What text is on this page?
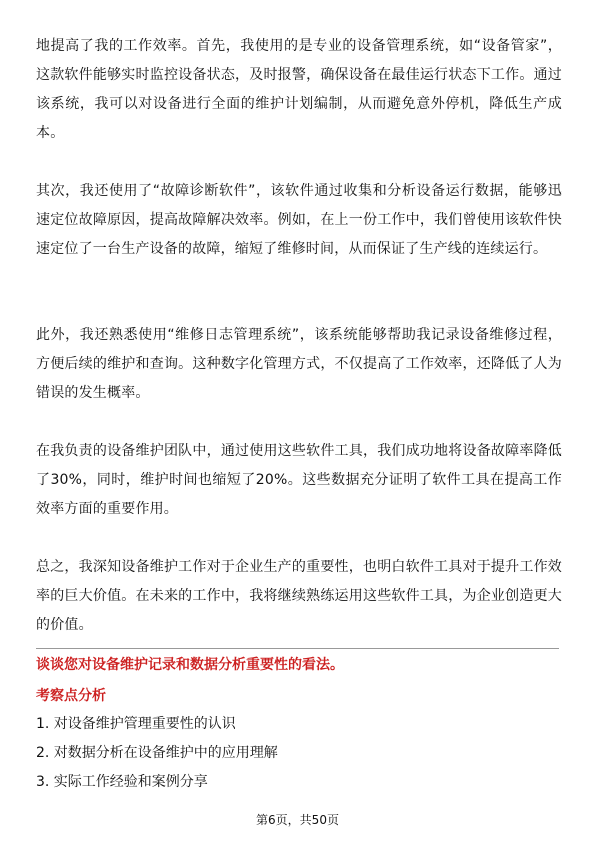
地提高了我的工作效率。首先，我使用的是专业的设备管理系统，如“设备管家”，这款软件能够实时监控设备状态，及时报警，确保设备在最佳运行状态下工作。通过该系统，我可以对设备进行全面的维护计划编制，从而避免意外停机，降低生产成本。

其次，我还使用了“故障诊断软件”，该软件通过收集和分析设备运行数据，能够迅速定位故障原因，提高故障解决效率。例如，在上一份工作中，我们曾使用该软件快速定位了一台生产设备的故障，缩短了维修时间，从而保证了生产线的连续运行。

此外，我还熟悉使用“维修日志管理系统”，该系统能够帮助我记录设备维修过程，方便后续的维护和查询。这种数字化管理方式，不仅提高了工作效率，还降低了人为错误的发生概率。

在我负责的设备维护团队中，通过使用这些软件工具，我们成功地将设备故障率降低了30%，同时，维护时间也缩短了20%。这些数据充分证明了软件工具在提高工作效率方面的重要作用。

总之，我深知设备维护工作对于企业生产的重要性，也明白软件工具对于提升工作效率的巨大价值。在未来的工作中，我将继续熟练运用这些软件工具，为企业创造更大的价值。

谈谈您对设备维护记录和数据分析重要性的看法。

考察点分析

1. 对设备维护管理重要性的认识
2. 对数据分析在设备维护中的应用理解
3. 实际工作经验和案例分享
第6页，共50页
